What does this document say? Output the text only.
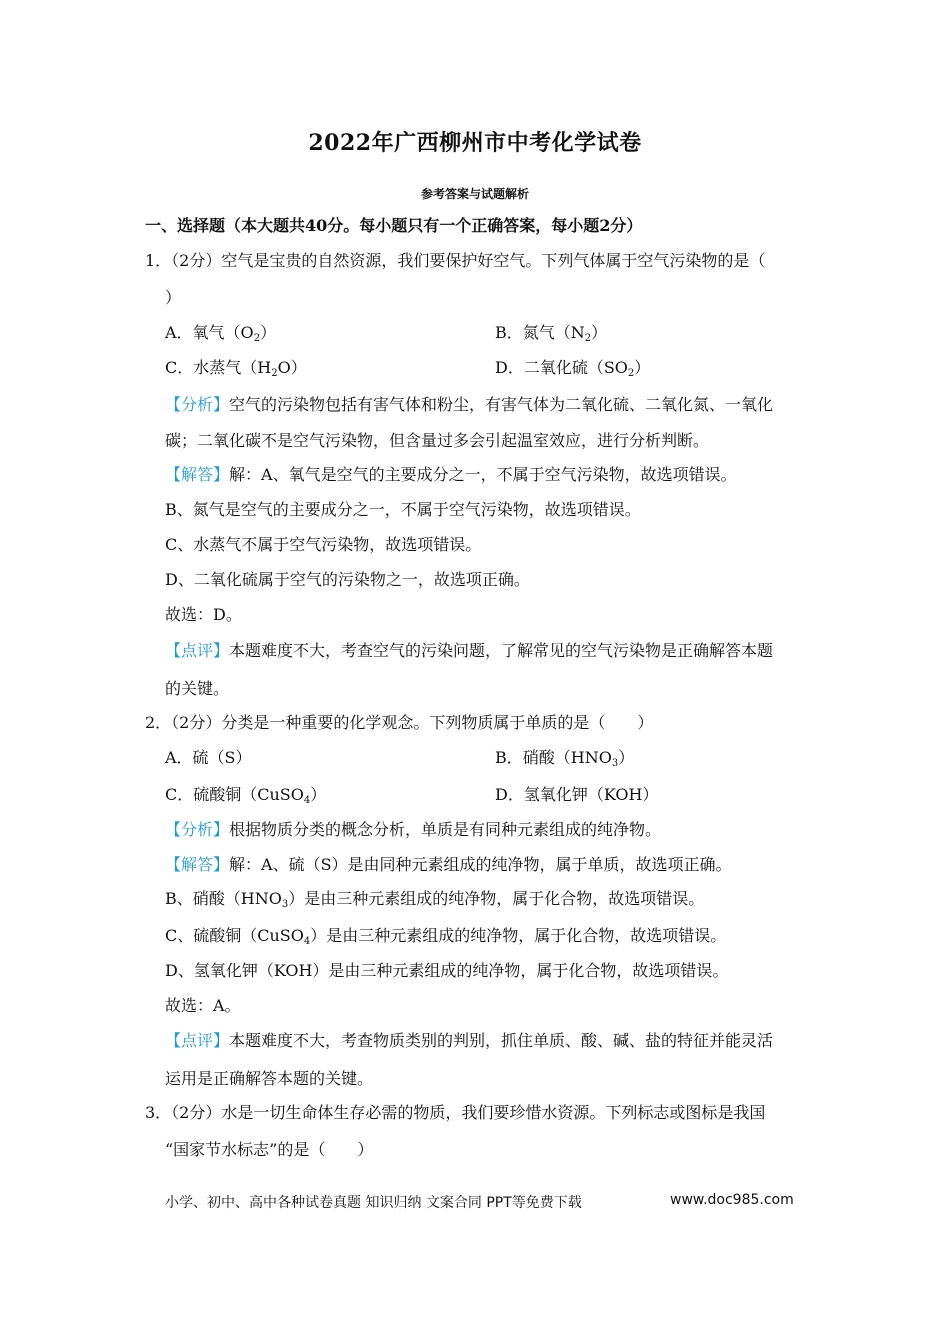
2022年广西柳州市中考化学试卷
参考答案与试题解析
一、选择题（本大题共40分。每小题只有一个正确答案，每小题2分）
1．（2分）空气是宝贵的自然资源，我们要保护好空气。下列气体属于空气污染物的是（
）
A．氧气$(O_2)$	B．氮气$(N_2)$
C．水蒸气$(H_2O)$	D．二氧化硫$(SO_2)$
【分析】空气的污染物包括有害气体和粉尘，有害气体为二氧化硫、二氧化氮、一氧化
碳；二氧化碳不是空气污染物，但含量过多会引起温室效应，进行分析判断。
【解答】解：A、氧气是空气的主要成分之一，不属于空气污染物，故选项错误。
B、氮气是空气的主要成分之一，不属于空气污染物，故选项错误。
C、水蒸气不属于空气污染物，故选项错误。
D、二氧化硫属于空气的污染物之一，故选项正确。
故选：D。
【点评】本题难度不大，考查空气的污染问题，了解常见的空气污染物是正确解答本题
的关键。
2．（2分）分类是一种重要的化学观念。下列物质属于单质的是（　　）
A．硫（S）	B．硝酸$(HNO_3)$
C．硫酸铜（CuSO$_4$）	D．氢氧化钾（KOH）
【分析】根据物质分类的概念分析，单质是有同种元素组成的纯净物。
【解答】解：A、硫（S）是由同种元素组成的纯净物，属于单质，故选项正确。
B、硝酸$(HNO_3)$是由三种元素组成的纯净物，属于化合物，故选项错误。
C、硫酸铜（CuSO$_4$）是由三种元素组成的纯净物，属于化合物，故选项错误。
D、氢氧化钾（KOH）是由三种元素组成的纯净物，属于化合物，故选项错误。
故选：A。
【点评】本题难度不大，考查物质类别的判别，抓住单质、酸、碱、盐的特征并能灵活
运用是正确解答本题的关键。
3．（2分）水是一切生命体生存必需的物质，我们要珍惜水资源。下列标志或图标是我国
“国家节水标志”的是（　　）
小学、初中、高中各种试卷真题 知识归纳 文案合同 PPT等免费下载	www.doc985.com
